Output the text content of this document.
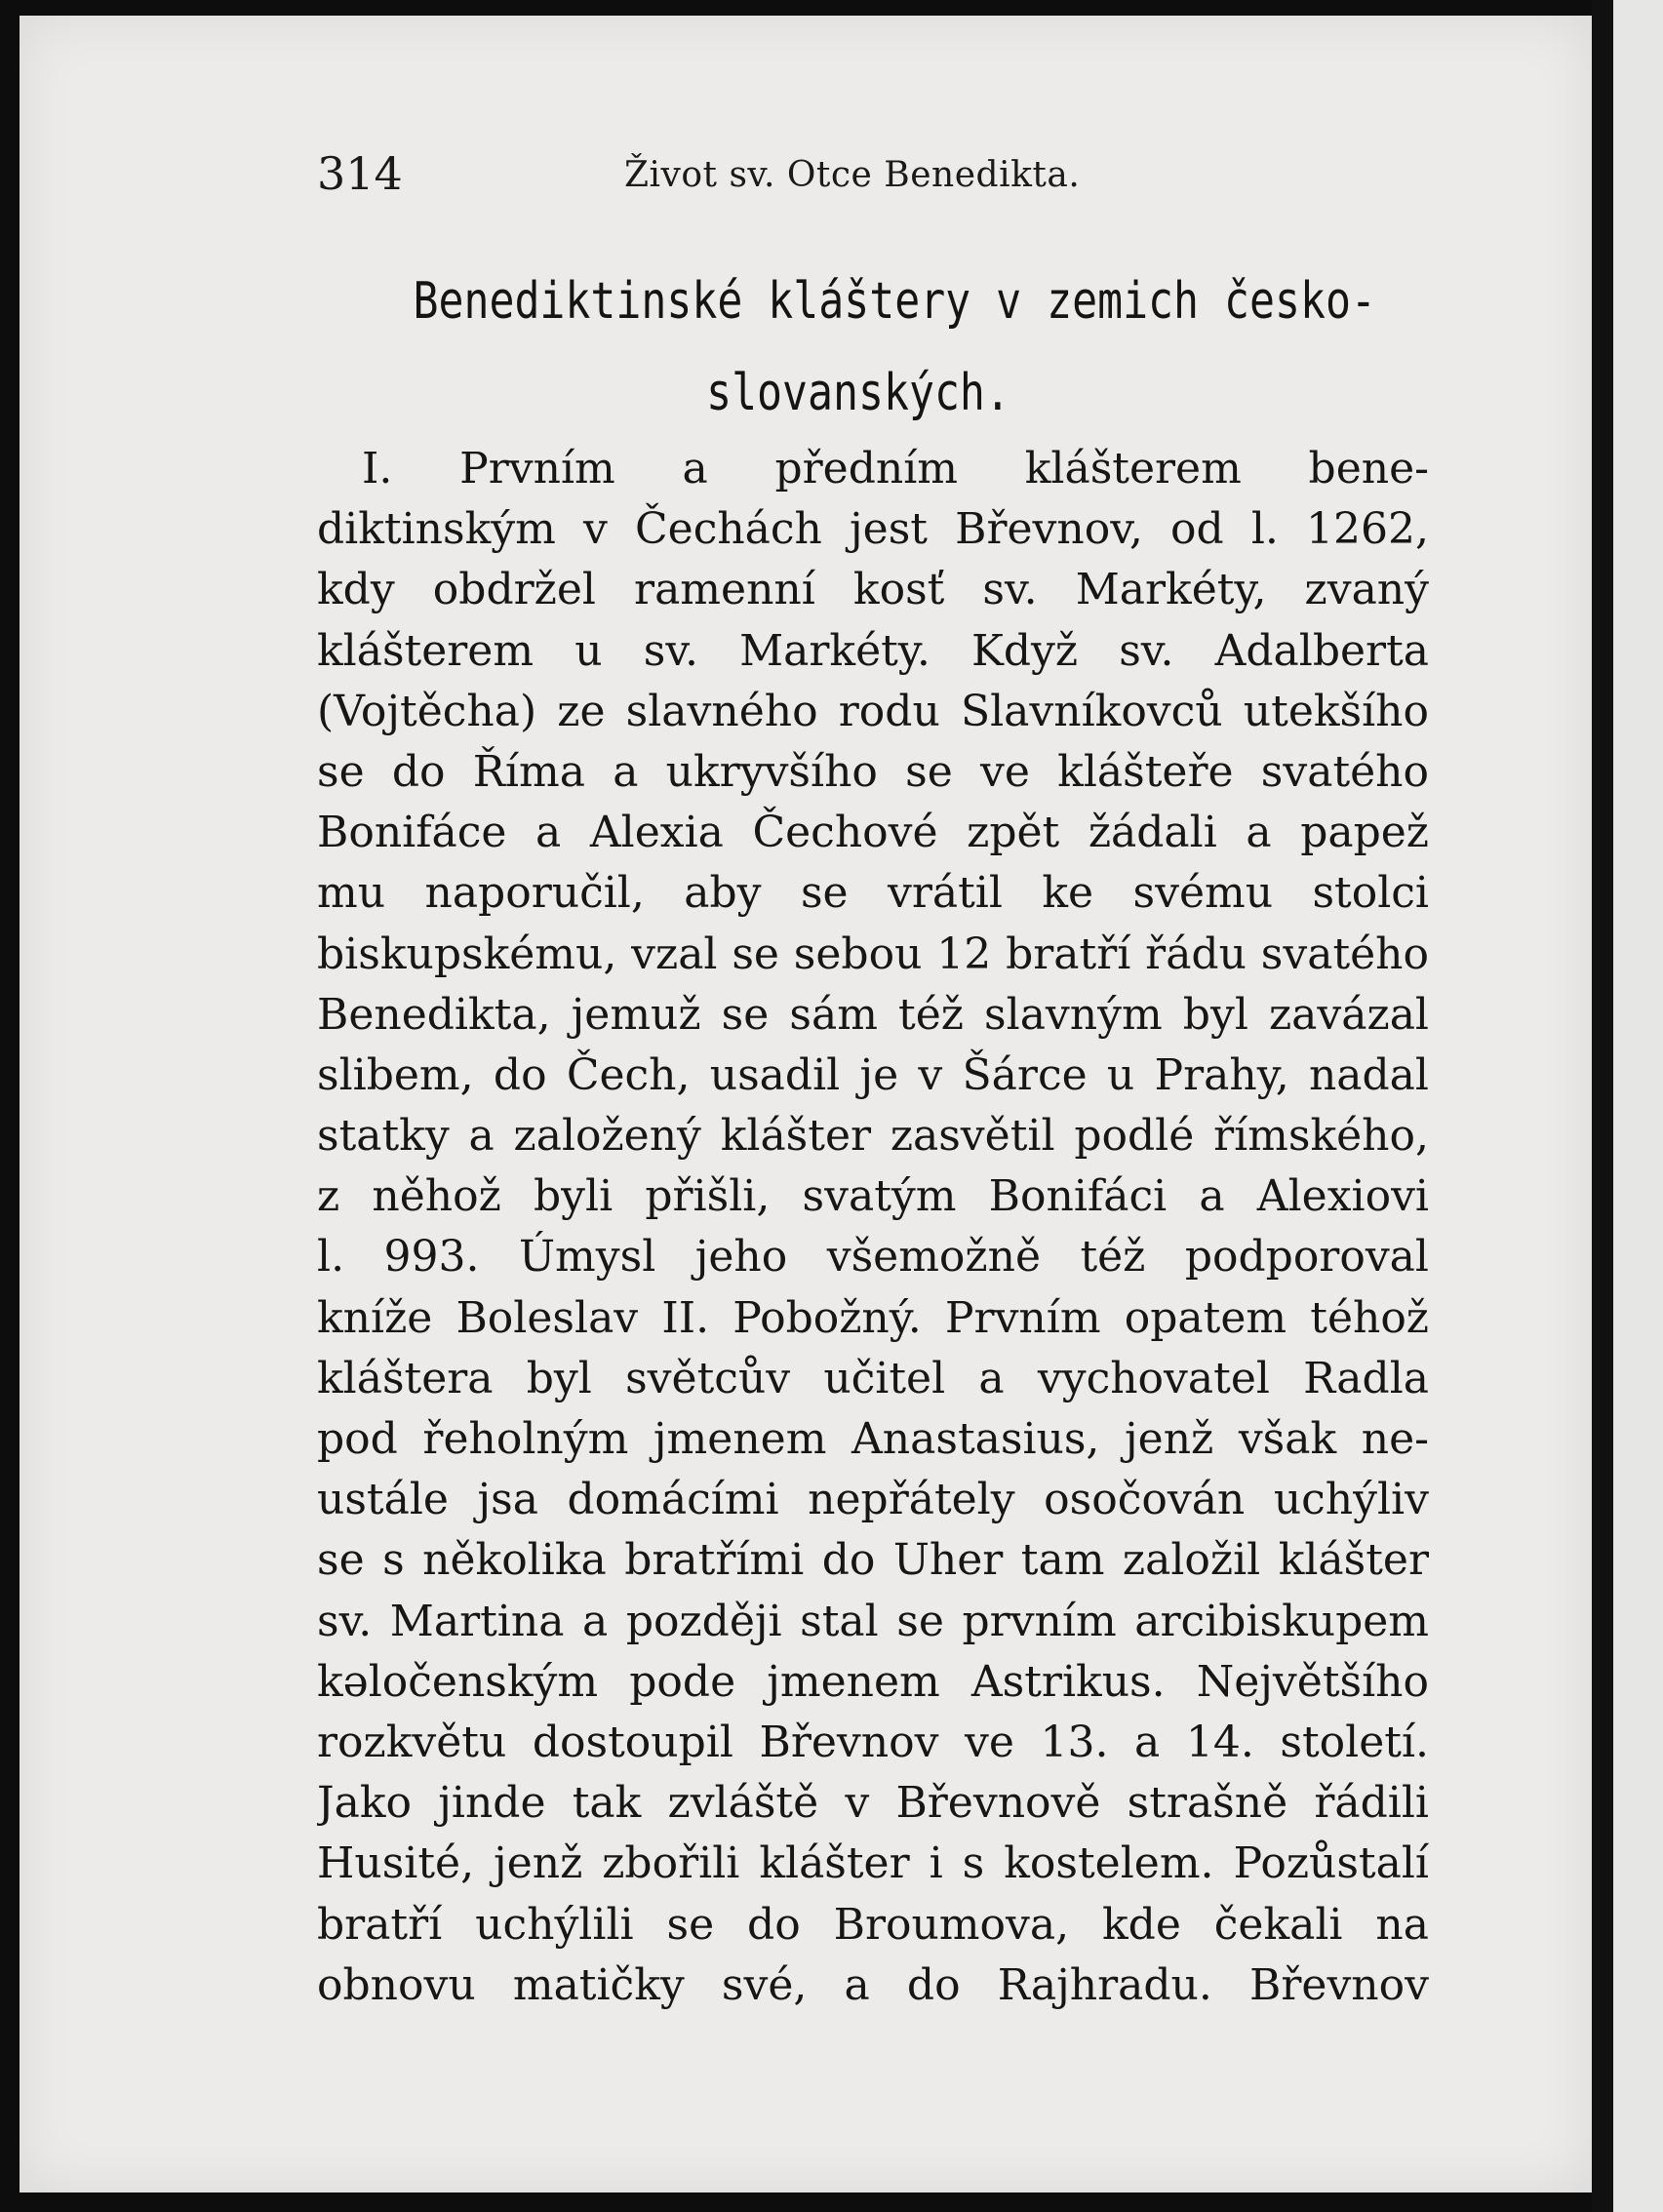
314	Život sv. Otce Benedikta.
Benediktinské kláštery v zemich česko-
slovanských.
I. Prvním a předním klášterem bene-
diktinským v Čechách jest Břevnov, od l. 1262,
kdy obdržel ramenní kosť sv. Markéty, zvaný
klášterem u sv. Markéty. Když sv. Adalberta
(Vojtěcha) ze slavného rodu Slavníkovců utekšího
se do Říma a ukryvšího se ve klášteře svatého
Bonifáce a Alexia Čechové zpět žádali a papež
mu naporučil, aby se vrátil ke svému stolci
biskupskému, vzal se sebou 12 bratří řádu svatého
Benedikta, jemuž se sám též slavným byl zavázal
slibem, do Čech, usadil je v Šárce u Prahy, nadal
statky a založený klášter zasvětil podlé římského,
z něhož byli přišli, svatým Bonifáci a Alexiovi
l. 993. Úmysl jeho všemožně též podporoval
kníže Boleslav II. Pobožný. Prvním opatem téhož
kláštera byl světcův učitel a vychovatel Radla
pod řeholným jmenem Anastasius, jenž však ne-
ustále jsa domácími nepřátely osočován uchýliv
se s několika bratřími do Uher tam založil klášter
sv. Martina a později stal se prvním arcibiskupem
kəločenským pode jmenem Astrikus. Největšího
rozkvětu dostoupil Břevnov ve 13. a 14. století.
Jako jinde tak zvláště v Břevnově strašně řádili
Husité, jenž zbořili klášter i s kostelem. Pozůstalí
bratří uchýlili se do Broumova, kde čekali na
obnovu matičky své, a do Rajhradu. Břevnov
